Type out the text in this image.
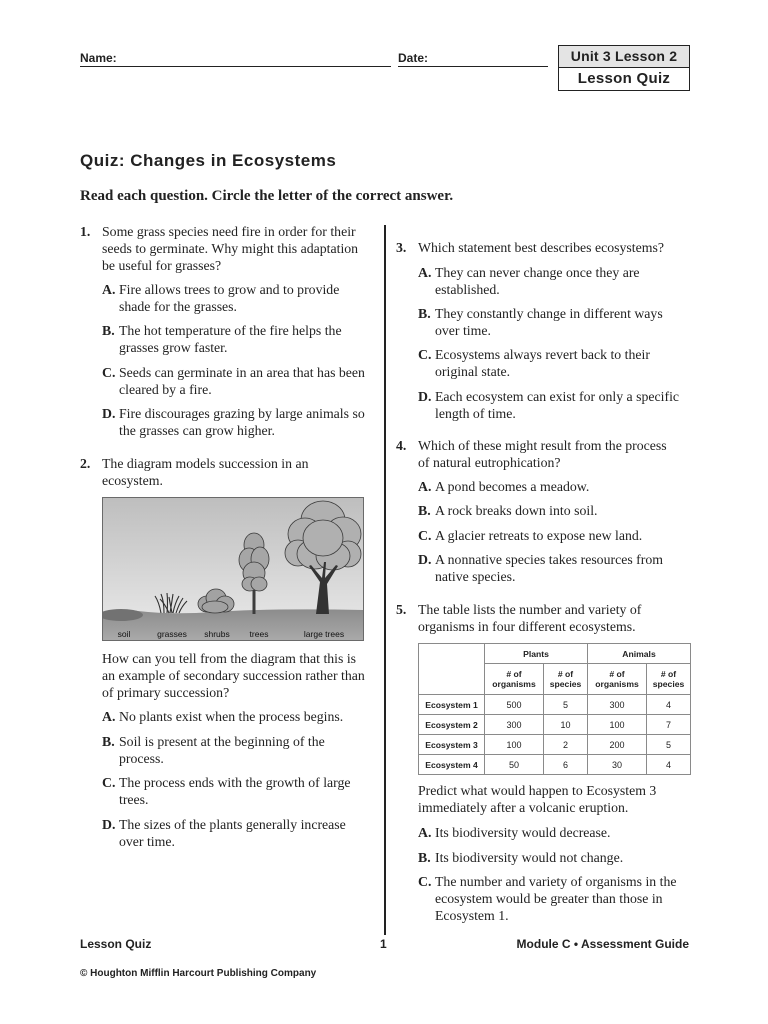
Name:	Date:	Unit 3 Lesson 2
Lesson Quiz
Quiz: Changes in Ecosystems
Read each question. Circle the letter of the correct answer.
1. Some grass species need fire in order for their
seeds to germinate. Why might this adaptation
be useful for grasses?
A. Fire allows trees to grow and to provide
shade for the grasses.
B. The hot temperature of the fire helps the
grasses grow faster.
C. Seeds can germinate in an area that has been
cleared by a fire.
D. Fire discourages grazing by large animals so
the grasses can grow higher.
2. The diagram models succession in an
ecosystem.
soil	grasses shrubs trees	large trees
How can you tell from the diagram that this is
an example of secondary succession rather than
of primary succession?
A. No plants exist when the process begins.
B. Soil is present at the beginning of the
process.
C. The process ends with the growth of large
trees.
D. The sizes of the plants generally increase
over time.
3. Which statement best describes ecosystems?
A. They can never change once they are
established.
B. They constantly change in different ways
over time.
C. Ecosystems always revert back to their
original state.
D. Each ecosystem can exist for only a specific
length of time.
4. Which of these might result from the process
of natural eutrophication?
A. A pond becomes a meadow.
B. A rock breaks down into soil.
C. A glacier retreats to expose new land.
D. A nonnative species takes resources from
native species.
5. The table lists the number and variety of
organisms in four different ecosystems.
	Plants		Animals	
	# of organisms	# of species	# of organisms	# of species
Ecosystem 1	500	5	300	4
Ecosystem 2	300	10	100	7
Ecosystem 3	100	2	200	5
Ecosystem 4	50	6	30	4
Predict what would happen to Ecosystem 3
immediately after a volcanic eruption.
A. Its biodiversity would decrease.
B. Its biodiversity would not change.
C. The number and variety of organisms in the
ecosystem would be greater than those in
Ecosystem 1.
Lesson Quiz	1	Module C • Assessment Guide
© Houghton Mifflin Harcourt Publishing Company
